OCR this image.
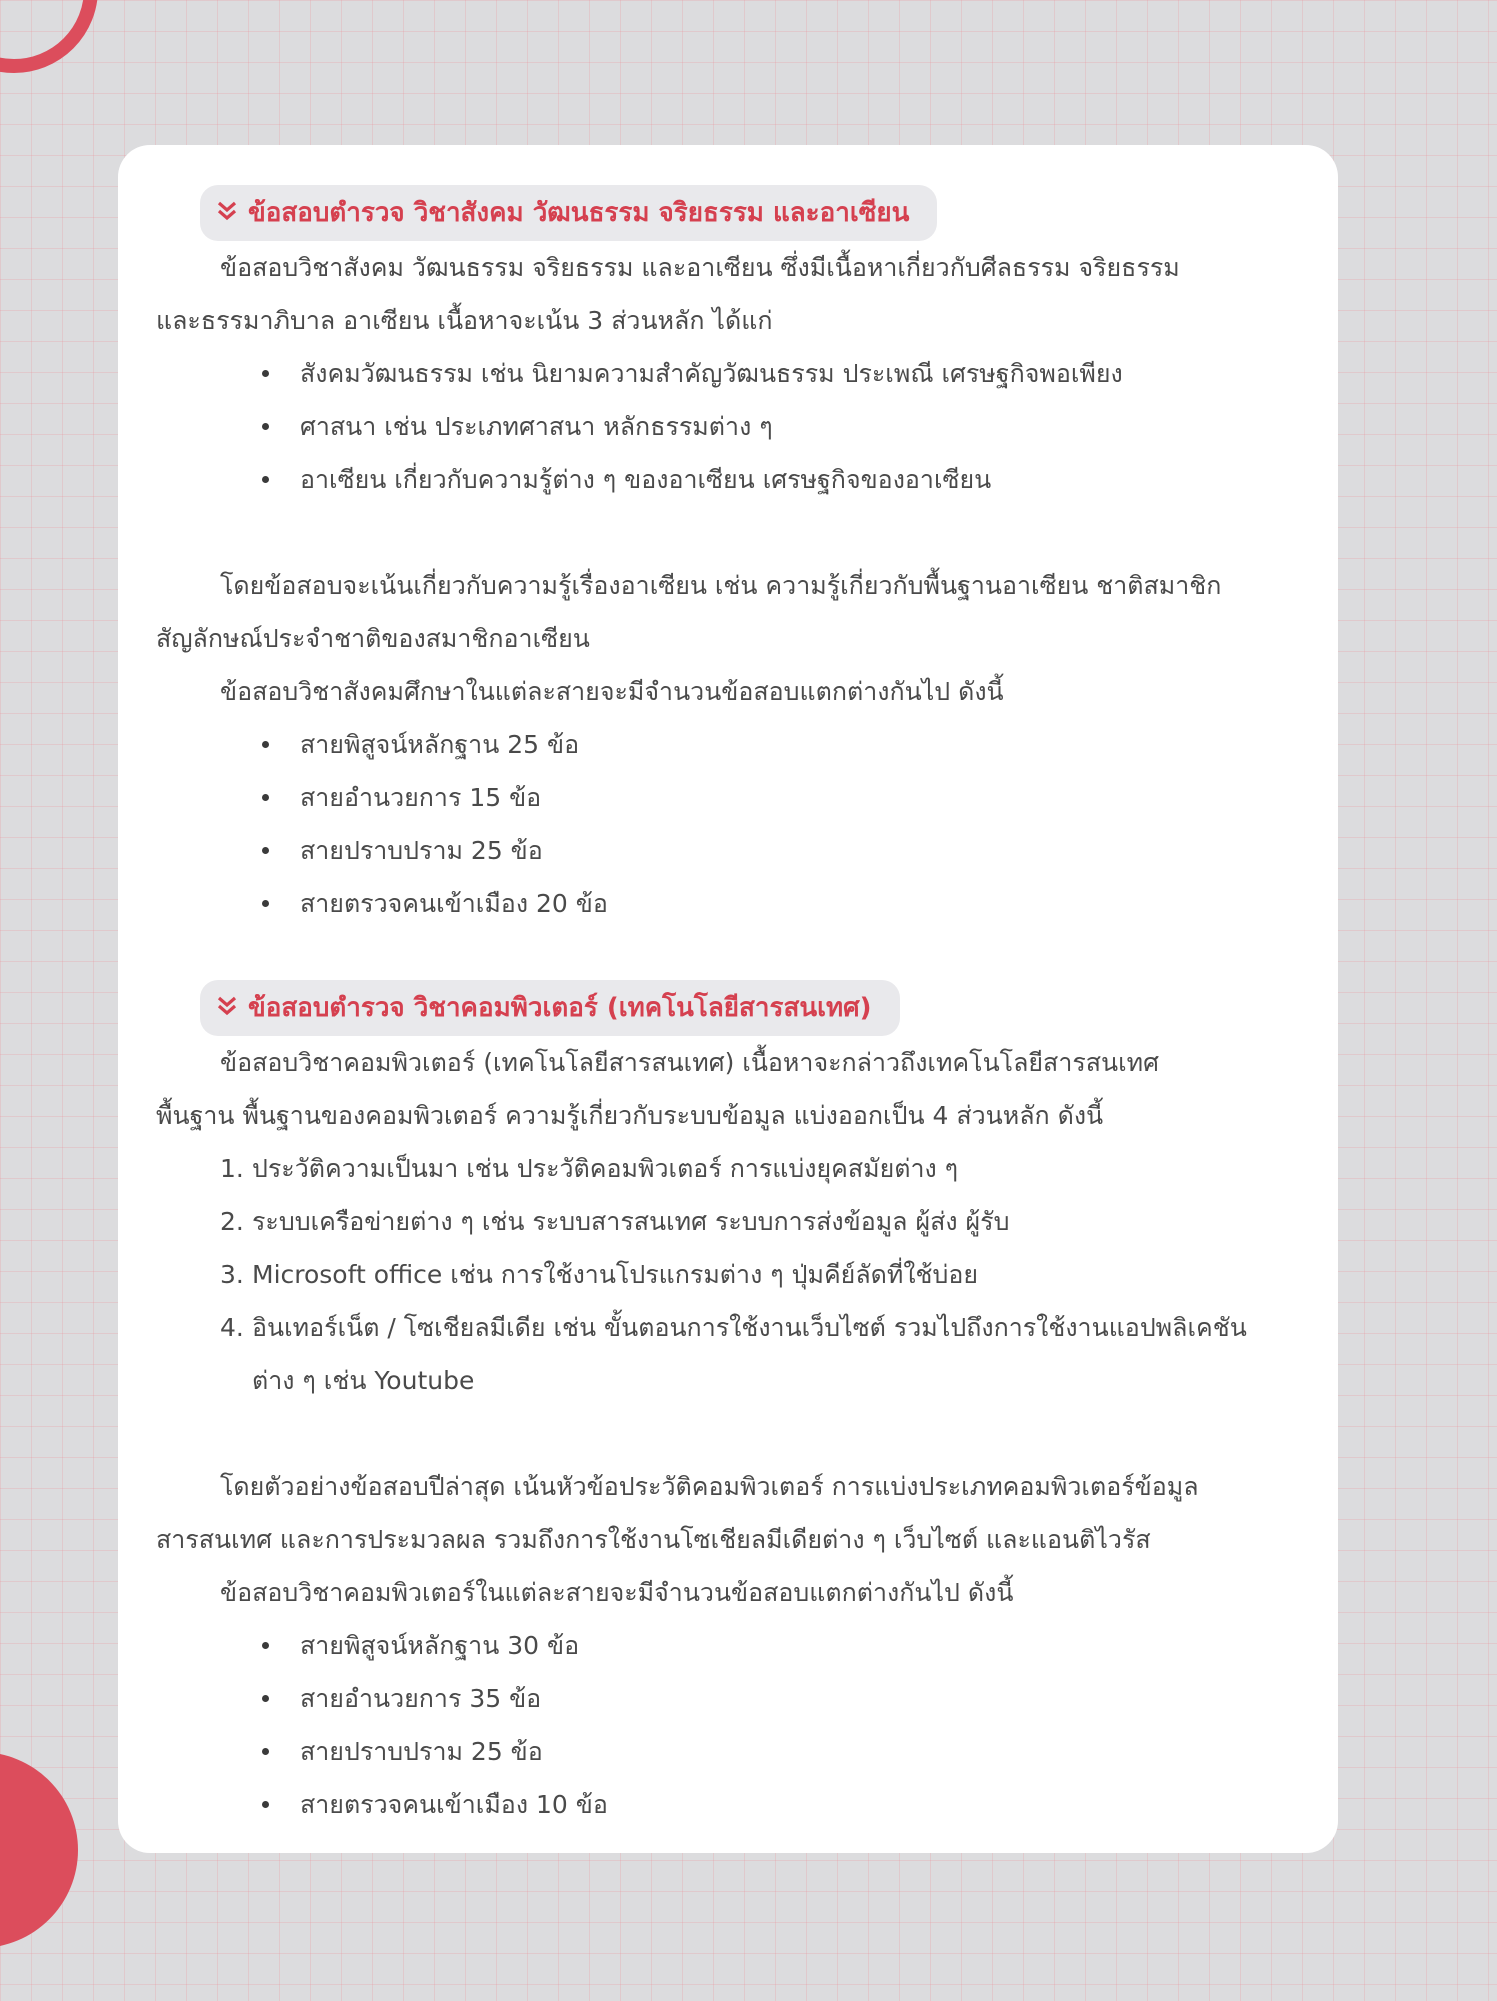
ข้อสอบตำรวจ วิชาสังคม วัฒนธรรม จริยธรรม และอาเซียน

ข้อสอบวิชาสังคม วัฒนธรรม จริยธรรม และอาเซียน ซึ่งมีเนื้อหาเกี่ยวกับศีลธรรม จริยธรรม
และธรรมาภิบาล อาเซียน เนื้อหาจะเน้น 3 ส่วนหลัก ได้แก่

สังคมวัฒนธรรม เช่น นิยามความสำคัญวัฒนธรรม ประเพณี เศรษฐกิจพอเพียง
ศาสนา เช่น ประเภทศาสนา หลักธรรมต่าง ๆ
อาเซียน เกี่ยวกับความรู้ต่าง ๆ ของอาเซียน เศรษฐกิจของอาเซียน

โดยข้อสอบจะเน้นเกี่ยวกับความรู้เรื่องอาเซียน เช่น ความรู้เกี่ยวกับพื้นฐานอาเซียน ชาติสมาชิก
สัญลักษณ์ประจำชาติของสมาชิกอาเซียน
ข้อสอบวิชาสังคมศึกษาในแต่ละสายจะมีจำนวนข้อสอบแตกต่างกันไป ดังนี้

สายพิสูจน์หลักฐาน 25 ข้อ
สายอำนวยการ 15 ข้อ
สายปราบปราม 25 ข้อ
สายตรวจคนเข้าเมือง 20 ข้อ
ข้อสอบตำรวจ วิชาคอมพิวเตอร์ (เทคโนโลยีสารสนเทศ)

ข้อสอบวิชาคอมพิวเตอร์ (เทคโนโลยีสารสนเทศ) เนื้อหาจะกล่าวถึงเทคโนโลยีสารสนเทศ
พื้นฐาน พื้นฐานของคอมพิวเตอร์ ความรู้เกี่ยวกับระบบข้อมูล แบ่งออกเป็น 4 ส่วนหลัก ดังนี้

1. ประวัติความเป็นมา เช่น ประวัติคอมพิวเตอร์ การแบ่งยุคสมัยต่าง ๆ
2. ระบบเครือข่ายต่าง ๆ เช่น ระบบสารสนเทศ ระบบการส่งข้อมูล ผู้ส่ง ผู้รับ
3. Microsoft office เช่น การใช้งานโปรแกรมต่าง ๆ ปุ่มคีย์ลัดที่ใช้บ่อย
4. อินเทอร์เน็ต / โซเชียลมีเดีย เช่น ขั้นตอนการใช้งานเว็บไซต์ รวมไปถึงการใช้งานแอปพลิเคชัน
ต่าง ๆ เช่น Youtube

โดยตัวอย่างข้อสอบปีล่าสุด เน้นหัวข้อประวัติคอมพิวเตอร์ การแบ่งประเภทคอมพิวเตอร์ข้อมูล
สารสนเทศ และการประมวลผล รวมถึงการใช้งานโซเชียลมีเดียต่าง ๆ เว็บไซต์ และแอนติไวรัส
ข้อสอบวิชาคอมพิวเตอร์ในแต่ละสายจะมีจำนวนข้อสอบแตกต่างกันไป ดังนี้

สายพิสูจน์หลักฐาน 30 ข้อ
สายอำนวยการ 35 ข้อ
สายปราบปราม 25 ข้อ
สายตรวจคนเข้าเมือง 10 ข้อ
